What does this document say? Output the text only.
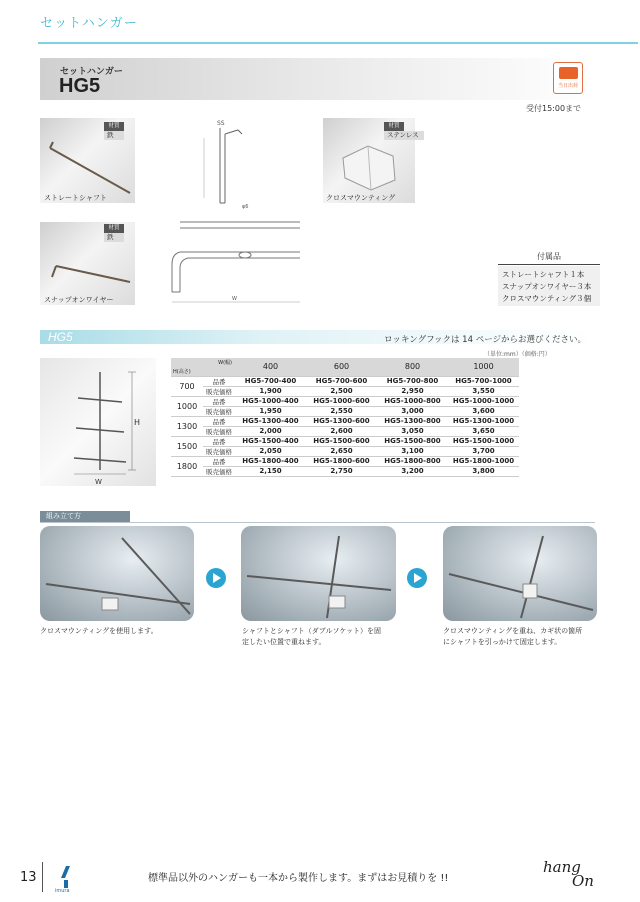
セットハンガー
セットハンガー
HG5	当日出荷
受付15:00まで
材質
鉄
ストレートシャフト
SS
φ6
材質
ステンレス
クロスマウンティング
材質
鉄
スナップオンワイヤー	W
付属品
ストレートシャフト１本
スナップオンワイヤー３本
クロスマウンティング３個
HG5	ロッキングフックは 14 ページからお選びください。
（単位:mm）（価格:円）
H
W
W(幅)
H(高さ)		400	600	800	1000
700	品番	HG5-700-400	HG5-700-600	HG5-700-800	HG5-700-1000
	販売価格	1,900	2,500	2,950	3,550
1000	品番	HG5-1000-400	HG5-1000-600	HG5-1000-800	HG5-1000-1000
	販売価格	1,950	2,550	3,000	3,600
1300	品番	HG5-1300-400	HG5-1300-600	HG5-1300-800	HG5-1300-1000
	販売価格	2,000	2,600	3,050	3,650
1500	品番	HG5-1500-400	HG5-1500-600	HG5-1500-800	HG5-1500-1000
	販売価格	2,050	2,650	3,100	3,700
1800	品番	HG5-1800-400	HG5-1800-600	HG5-1800-800	HG5-1800-1000
	販売価格	2,150	2,750	3,200	3,800
組み立て方
クロスマウンティングを使用します。	シャフトとシャフト（ダブルソケット）を固
定したい位置で重ねます。
クロスマウンティングを重ね、カギ状の箇所
にシャフトを引っかけて固定します。
13
imura
標準品以外のハンガーも一本から製作します。まずはお見積りを !!
hang
On
